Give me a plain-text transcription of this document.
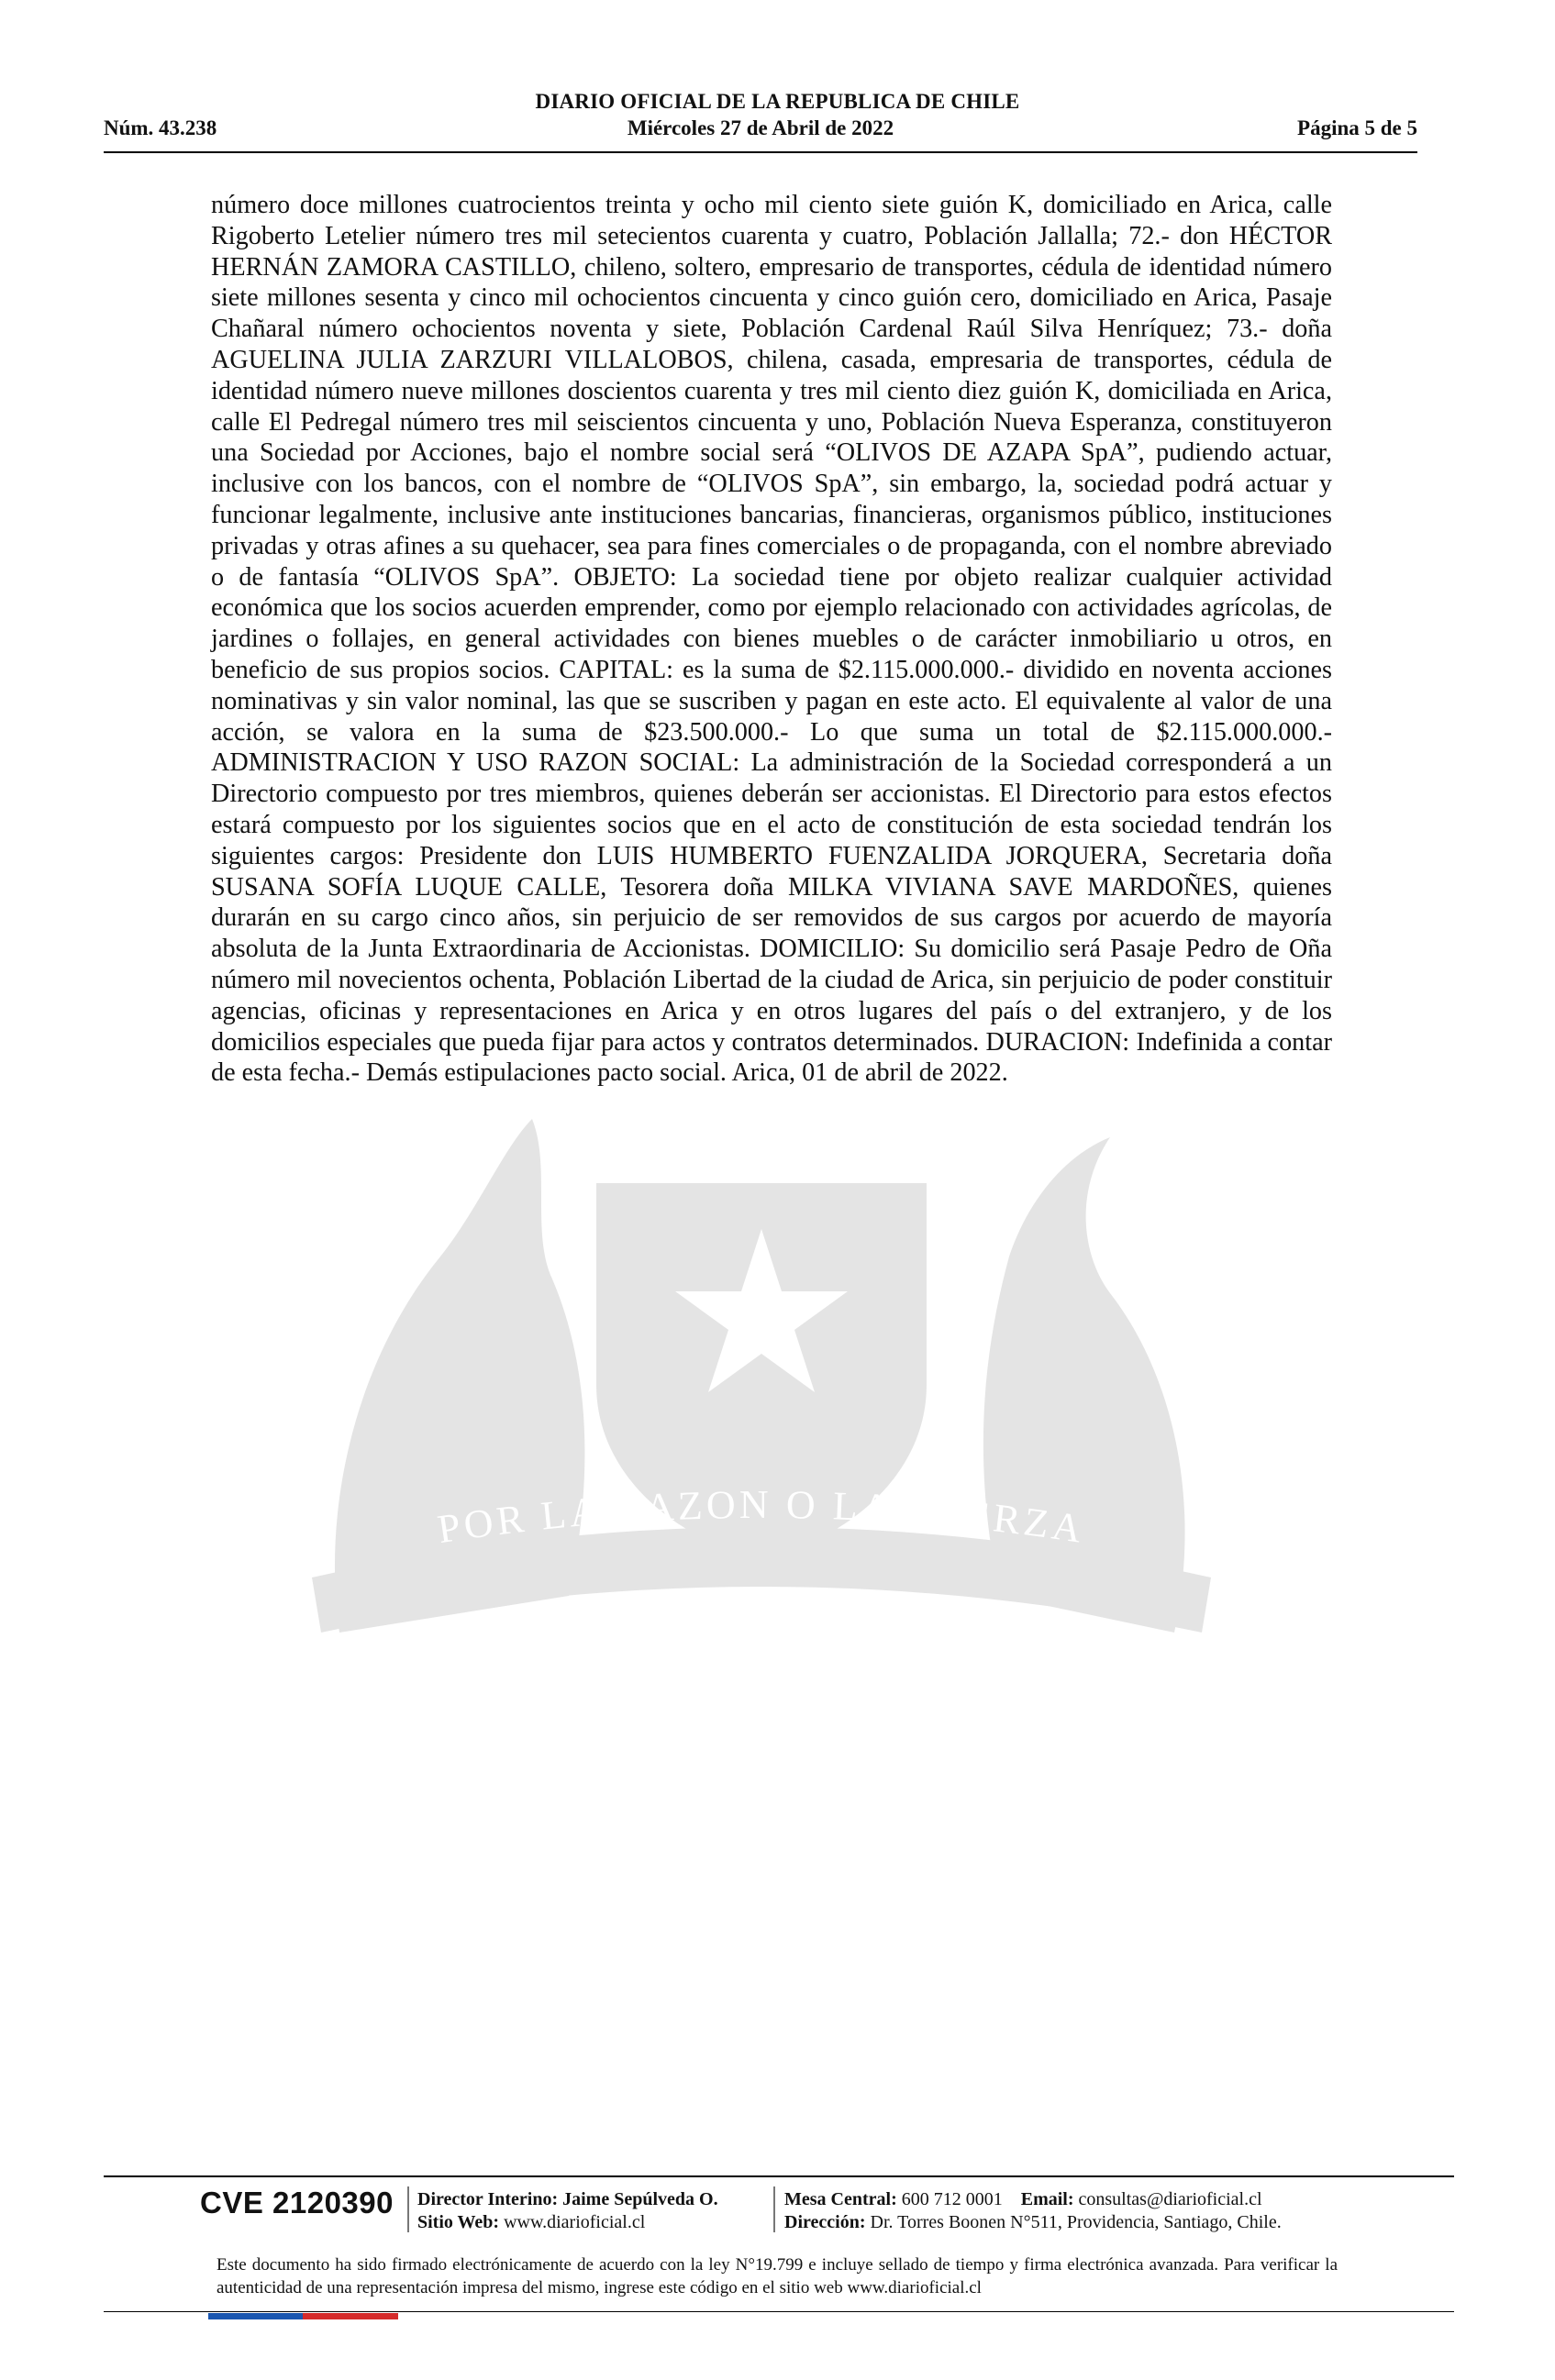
DIARIO OFICIAL DE LA REPUBLICA DE CHILE
Miércoles 27 de Abril de 2022
Núm. 43.238	Página 5 de 5
POR LA RAZON O LA FUERZA

número doce millones cuatrocientos treinta y ocho mil ciento siete guión K, domiciliado en Arica, calle Rigoberto Letelier número tres mil setecientos cuarenta y cuatro, Población Jallalla; 72.- don HÉCTOR HERNÁN ZAMORA CASTILLO, chileno, soltero, empresario de transportes, cédula de identidad número siete millones sesenta y cinco mil ochocientos cincuenta y cinco guión cero, domiciliado en Arica, Pasaje Chañaral número ochocientos noventa y siete, Población Cardenal Raúl Silva Henríquez; 73.- doña AGUELINA JULIA ZARZURI VILLALOBOS, chilena, casada, empresaria de transportes, cédula de identidad número nueve millones doscientos cuarenta y tres mil ciento diez guión K, domiciliada en Arica, calle El Pedregal número tres mil seiscientos cincuenta y uno, Población Nueva Esperanza, constituyeron una Sociedad por Acciones, bajo el nombre social será “OLIVOS DE AZAPA SpA”, pudiendo actuar, inclusive con los bancos, con el nombre de “OLIVOS SpA”, sin embargo, la, sociedad podrá actuar y funcionar legalmente, inclusive ante instituciones bancarias, financieras, organismos público, instituciones privadas y otras afines a su quehacer, sea para fines comerciales o de propaganda, con el nombre abreviado o de fantasía “OLIVOS SpA”. OBJETO: La sociedad tiene por objeto realizar cualquier actividad económica que los socios acuerden emprender, como por ejemplo relacionado con actividades agrícolas, de jardines o follajes, en general actividades con bienes muebles o de carácter inmobiliario u otros, en beneficio de sus propios socios. CAPITAL: es la suma de $2.115.000.000.- dividido en noventa acciones nominativas y sin valor nominal, las que se suscriben y pagan en este acto. El equivalente al valor de una acción, se valora en la suma de $23.500.000.- Lo que suma un total de $2.115.000.000.- ADMINISTRACION Y USO RAZON SOCIAL: La administración de la Sociedad corresponderá a un Directorio compuesto por tres miembros, quienes deberán ser accionistas. El Directorio para estos efectos estará compuesto por los siguientes socios que en el acto de constitución de esta sociedad tendrán los siguientes cargos: Presidente don LUIS HUMBERTO FUENZALIDA JORQUERA, Secretaria doña SUSANA SOFÍA LUQUE CALLE, Tesorera doña MILKA VIVIANA SAVE MARDOÑES, quienes durarán en su cargo cinco años, sin perjuicio de ser removidos de sus cargos por acuerdo de mayoría absoluta de la Junta Extraordinaria de Accionistas. DOMICILIO: Su domicilio será Pasaje Pedro de Oña número mil novecientos ochenta, Población Libertad de la ciudad de Arica, sin perjuicio de poder constituir agencias, oficinas y representaciones en Arica y en otros lugares del país o del extranjero, y de los domicilios especiales que pueda fijar para actos y contratos determinados. DURACION: Indefinida a contar de esta fecha.- Demás estipulaciones pacto social. Arica, 01 de abril de 2022.

CVE 2120390 Director Interino: Jaime Sepúlveda O.
Sitio Web: www.diarioficial.cl
Mesa Central: 600 712 0001 Email: consultas@diarioficial.cl
Dirección: Dr. Torres Boonen N°511, Providencia, Santiago, Chile.
Este documento ha sido firmado electrónicamente de acuerdo con la ley N°19.799 e incluye sellado de tiempo y firma electrónica avanzada. Para verificar la autenticidad de una representación impresa del mismo, ingrese este código en el sitio web www.diarioficial.cl
